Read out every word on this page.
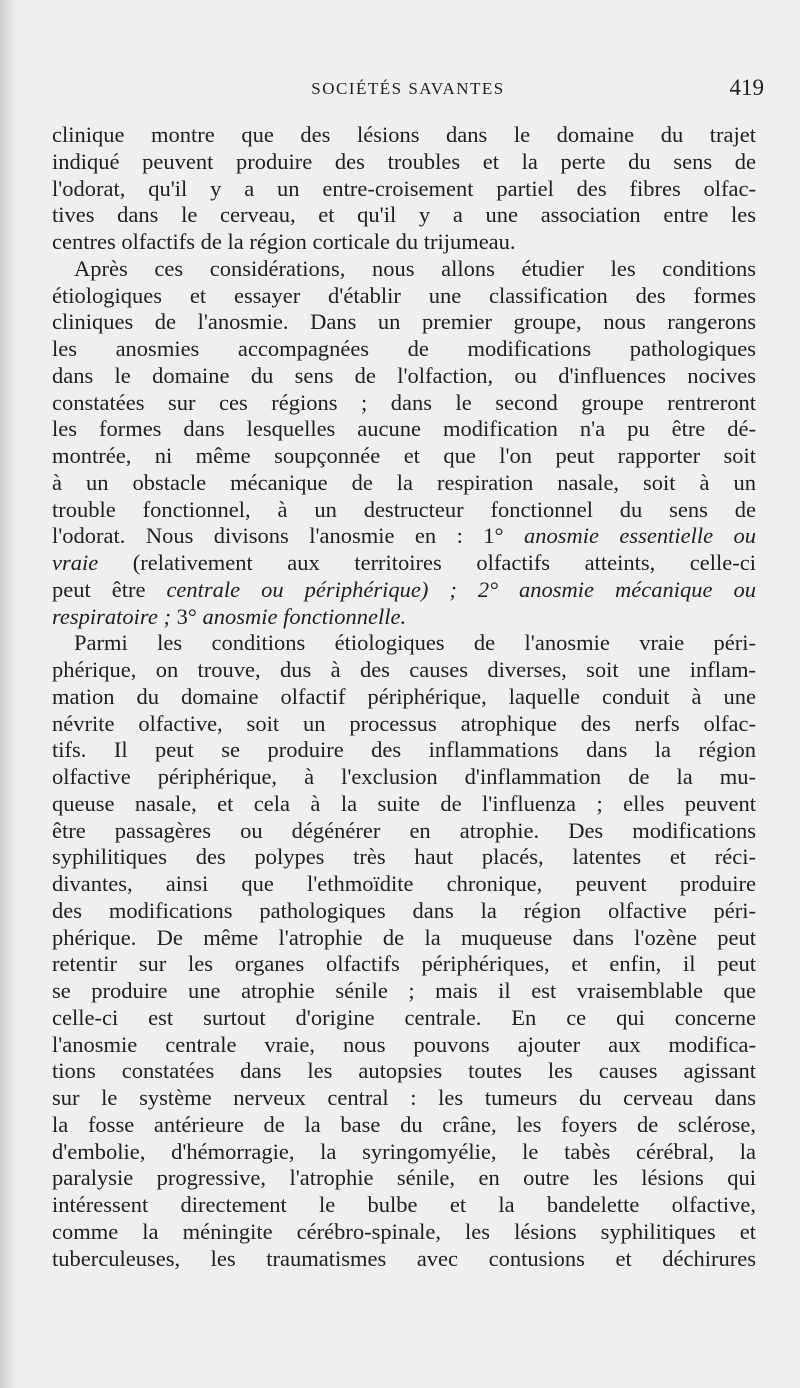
SOCIÉTÉS SAVANTES	419
clinique montre que des lésions dans le domaine du trajet
indiqué peuvent produire des troubles et la perte du sens de
l'odorat, qu'il y a un entre-croisement partiel des fibres olfac-
tives dans le cerveau, et qu'il y a une association entre les
centres olfactifs de la région corticale du trijumeau.
Après ces considérations, nous allons étudier les conditions
étiologiques et essayer d'établir une classification des formes
cliniques de l'anosmie. Dans un premier groupe, nous rangerons
les anosmies accompagnées de modifications pathologiques
dans le domaine du sens de l'olfaction, ou d'influences nocives
constatées sur ces régions ; dans le second groupe rentreront
les formes dans lesquelles aucune modification n'a pu être dé-
montrée, ni même soupçonnée et que l'on peut rapporter soit
à un obstacle mécanique de la respiration nasale, soit à un
trouble fonctionnel, à un destructeur fonctionnel du sens de
l'odorat. Nous divisons l'anosmie en : 1° anosmie essentielle ou
vraie (relativement aux territoires olfactifs atteints, celle-ci
peut être centrale ou périphérique) ; 2° anosmie mécanique ou
respiratoire ; 3° anosmie fonctionnelle.
Parmi les conditions étiologiques de l'anosmie vraie péri-
phérique, on trouve, dus à des causes diverses, soit une inflam-
mation du domaine olfactif périphérique, laquelle conduit à une
névrite olfactive, soit un processus atrophique des nerfs olfac-
tifs. Il peut se produire des inflammations dans la région
olfactive périphérique, à l'exclusion d'inflammation de la mu-
queuse nasale, et cela à la suite de l'influenza ; elles peuvent
être passagères ou dégénérer en atrophie. Des modifications
syphilitiques des polypes très haut placés, latentes et réci-
divantes, ainsi que l'ethmoïdite chronique, peuvent produire
des modifications pathologiques dans la région olfactive péri-
phérique. De même l'atrophie de la muqueuse dans l'ozène peut
retentir sur les organes olfactifs périphériques, et enfin, il peut
se produire une atrophie sénile ; mais il est vraisemblable que
celle-ci est surtout d'origine centrale. En ce qui concerne
l'anosmie centrale vraie, nous pouvons ajouter aux modifica-
tions constatées dans les autopsies toutes les causes agissant
sur le système nerveux central : les tumeurs du cerveau dans
la fosse antérieure de la base du crâne, les foyers de sclérose,
d'embolie, d'hémorragie, la syringomyélie, le tabès cérébral, la
paralysie progressive, l'atrophie sénile, en outre les lésions qui
intéressent directement le bulbe et la bandelette olfactive,
comme la méningite cérébro-spinale, les lésions syphilitiques et
tuberculeuses, les traumatismes avec contusions et déchirures
